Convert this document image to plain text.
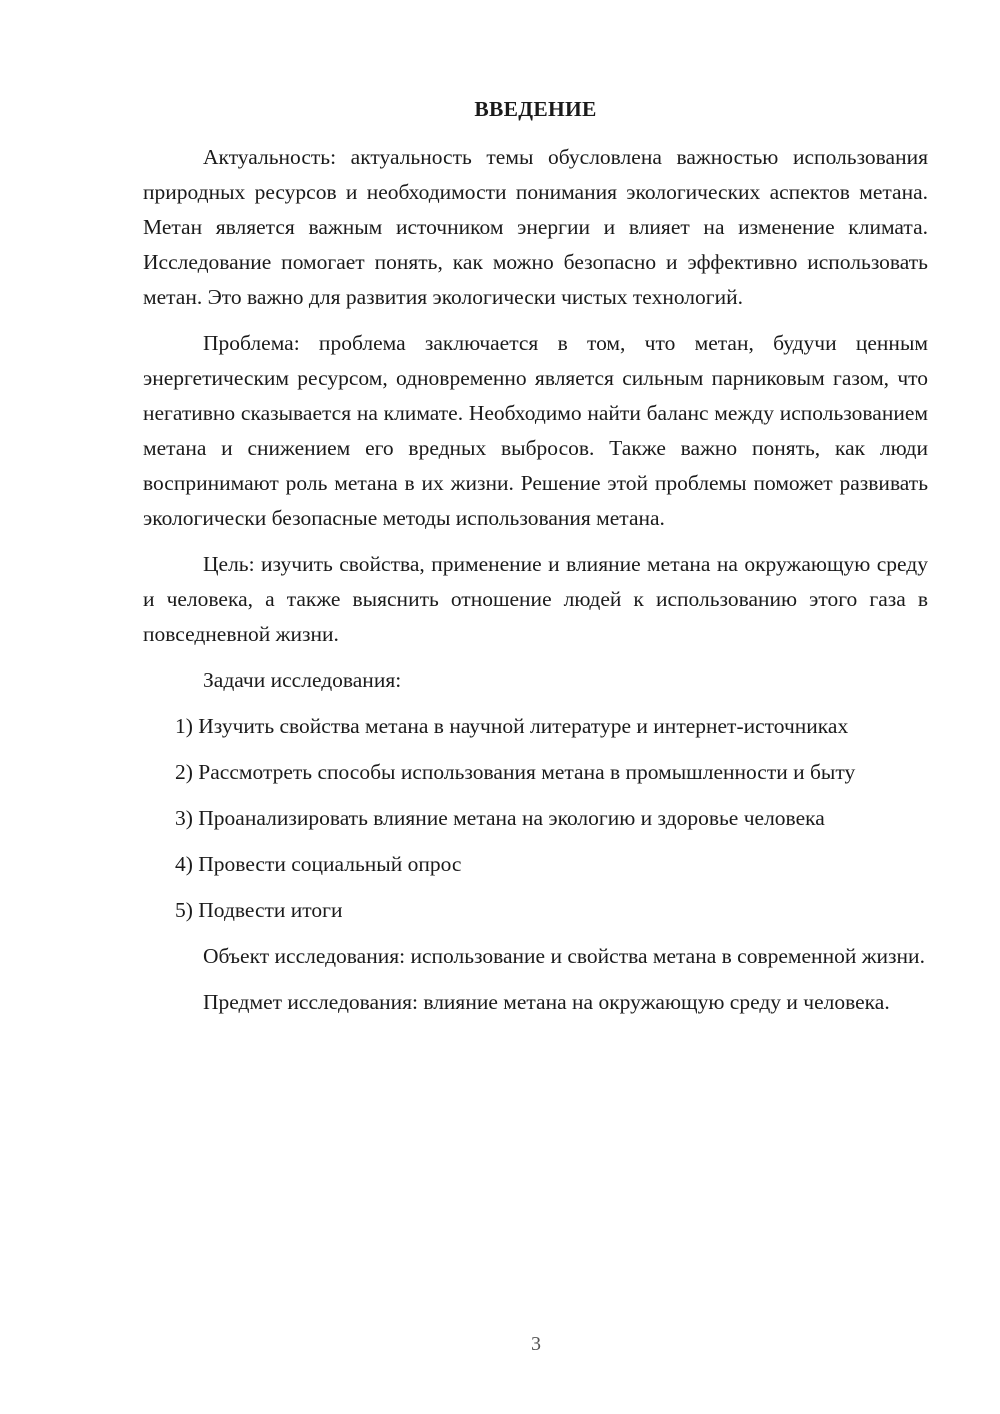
ВВЕДЕНИЕ

Актуальность: актуальность темы обусловлена важностью использования природных ресурсов и необходимости понимания экологических аспектов метана. Метан является важным источником энергии и влияет на изменение климата. Исследование помогает понять, как можно безопасно и эффективно использовать метан. Это важно для развития экологически чистых технологий.

Проблема: проблема заключается в том, что метан, будучи ценным энергетическим ресурсом, одновременно является сильным парниковым газом, что негативно сказывается на климате. Необходимо найти баланс между использованием метана и снижением его вредных выбросов. Также важно понять, как люди воспринимают роль метана в их жизни. Решение этой проблемы поможет развивать экологически безопасные методы использования метана.

Цель: изучить свойства, применение и влияние метана на окружающую среду и человека, а также выяснить отношение людей к использованию этого газа в повседневной жизни.

Задачи исследования:

1) Изучить свойства метана в научной литературе и интернет-источниках

2) Рассмотреть способы использования метана в промышленности и быту

3) Проанализировать влияние метана на экологию и здоровье человека

4) Провести социальный опрос

5) Подвести итоги

Объект исследования: использование и свойства метана в современной жизни.

Предмет исследования: влияние метана на окружающую среду и человека.

3
